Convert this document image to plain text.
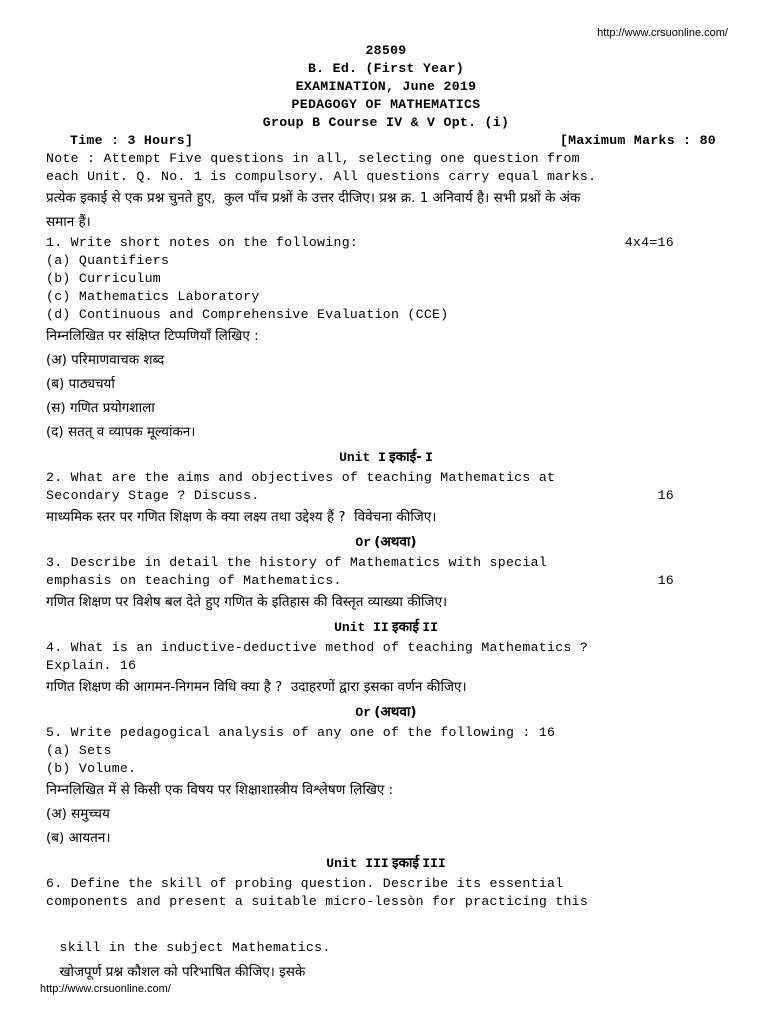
http://www.crsuonline.com/
28509
B. Ed. (First Year)
EXAMINATION, June 2019
PEDAGOGY OF MATHEMATICS
Group B Course IV & V Opt. (i)
Time : 3 Hours]	[Maximum Marks : 80
Note : Attempt Five questions in all, selecting one question from
each Unit. Q. No. 1 is compulsory. All questions carry equal marks.
प्रत्येक इकाई से एक प्रश्न चुनते हुए,  कुल पाँच प्रश्नों के उत्तर दीजिए। प्रश्न क्र. 1 अनिवार्य है। सभी प्रश्नों के अंक
समान हैं।
1. Write short notes on the following:	4x4=16
(a) Quantifiers
(b) Curriculum
(c) Mathematics Laboratory
(d) Continuous and Comprehensive Evaluation (CCE)
निम्नलिखित पर संक्षिप्त टिप्पणियाँ लिखिए :
(अ) परिमाणवाचक शब्द
(ब) पाठ्यचर्या
(स) गणित प्रयोगशाला
(द) सतत् व व्यापक मूल्यांकन।
Unit I इकाई- I
2. What are the aims and objectives of teaching Mathematics at
Secondary Stage ? Discuss.	16
माध्यमिक स्तर पर गणित शिक्षण के क्या लक्ष्य तथा उद्देश्य हैं ?  विवेचना कीजिए।
Or (अथवा)
3. Describe in detail the history of Mathematics with special
emphasis on teaching of Mathematics.	16
गणित शिक्षण पर विशेष बल देते हुए गणित के इतिहास की विस्तृत व्याख्या कीजिए।
Unit II इकाई II
4. What is an inductive-deductive method of teaching Mathematics ?
Explain. 16
गणित शिक्षण की आगमन-निगमन विधि क्या है ?  उदाहरणों द्वारा इसका वर्णन कीजिए।
Or (अथवा)
5. Write pedagogical analysis of any one of the following : 16
(a) Sets
(b) Volume.
निम्नलिखित में से किसी एक विषय पर शिक्षाशास्त्रीय विश्लेषण लिखिए :
(अ) समुच्चय
(ब) आयतन।
Unit III इकाई III
6. Define the skill of probing question. Describe its essential
components and present a suitable micro-lessòn for practicing this

skill in the subject Mathematics.
खोजपूर्ण प्रश्न कौशल को परिभाषित कीजिए। इसके

http://www.crsuonline.com/
